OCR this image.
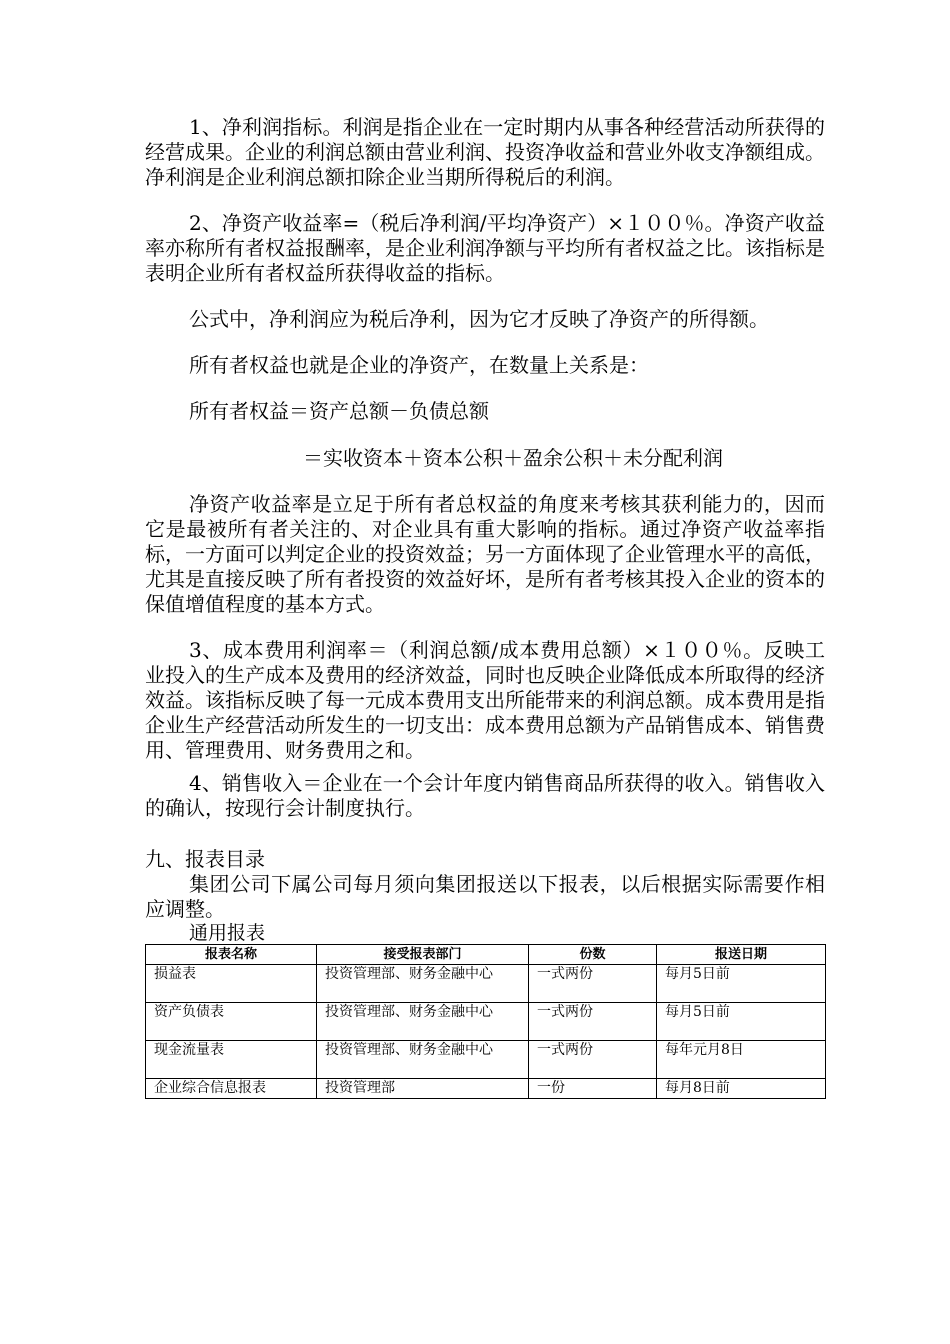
1、净利润指标。利润是指企业在一定时期内从事各种经营活动所获得的经营成果。企业的利润总额由营业利润、投资净收益和营业外收支净额组成。净利润是企业利润总额扣除企业当期所得税后的利润。

2、净资产收益率=（税后净利润/平均净资产）×１００％。净资产收益率亦称所有者权益报酬率，是企业利润净额与平均所有者权益之比。该指标是表明企业所有者权益所获得收益的指标。

公式中，净利润应为税后净利，因为它才反映了净资产的所得额。

所有者权益也就是企业的净资产，在数量上关系是：

所有者权益＝资产总额－负债总额

＝实收资本＋资本公积＋盈余公积＋未分配利润

净资产收益率是立足于所有者总权益的角度来考核其获利能力的，因而它是最被所有者关注的、对企业具有重大影响的指标。通过净资产收益率指标，一方面可以判定企业的投资效益；另一方面体现了企业管理水平的高低，尤其是直接反映了所有者投资的效益好坏，是所有者考核其投入企业的资本的保值增值程度的基本方式。

3、成本费用利润率＝（利润总额/成本费用总额）×１００％。反映工业投入的生产成本及费用的经济效益，同时也反映企业降低成本所取得的经济效益。该指标反映了每一元成本费用支出所能带来的利润总额。成本费用是指企业生产经营活动所发生的一切支出：成本费用总额为产品销售成本、销售费用、管理费用、财务费用之和。

4、销售收入＝企业在一个会计年度内销售商品所获得的收入。销售收入的确认，按现行会计制度执行。

九、报表目录

集团公司下属公司每月须向集团报送以下报表，以后根据实际需要作相应调整。

通用报表
报表名称	接受报表部门	份数	报送日期
损益表	投资管理部、财务金融中心	一式两份	每月5日前
资产负债表	投资管理部、财务金融中心	一式两份	每月5日前
现金流量表	投资管理部、财务金融中心	一式两份	每年元月8日
企业综合信息报表	投资管理部	一份	每月8日前
